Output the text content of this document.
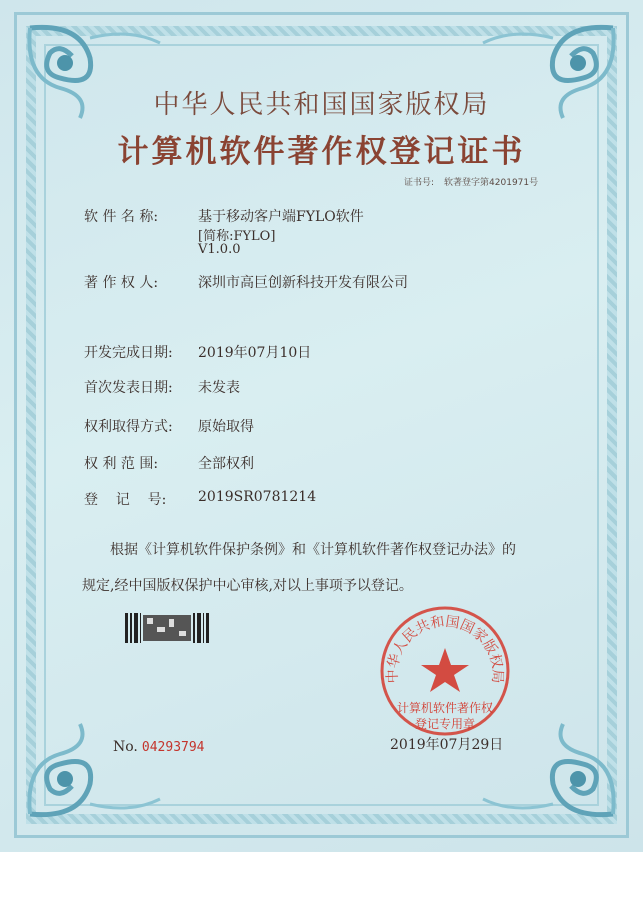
中华人民共和国国家版权局
计算机软件著作权登记证书
证书号: 软著登字第4201971号
软 件 名 称:	基于移动客户端FYLO软件
[简称:FYLO]
V1.0.0
著 作 权 人:	深圳市高巨创新科技开发有限公司
开发完成日期: 2019年07月10日
首次发表日期: 未发表
权利取得方式: 原始取得
权 利 范 围:	全部权利
登    记    号: 2019SR0781214
根据《计算机软件保护条例》和《计算机软件著作权登记办法》的
规定,经中国版权保护中心审核,对以上事项予以登记。
No. 04293794
中华人民共和国国家版权局
计算机软件著作权
登记专用章
2019年07月29日
